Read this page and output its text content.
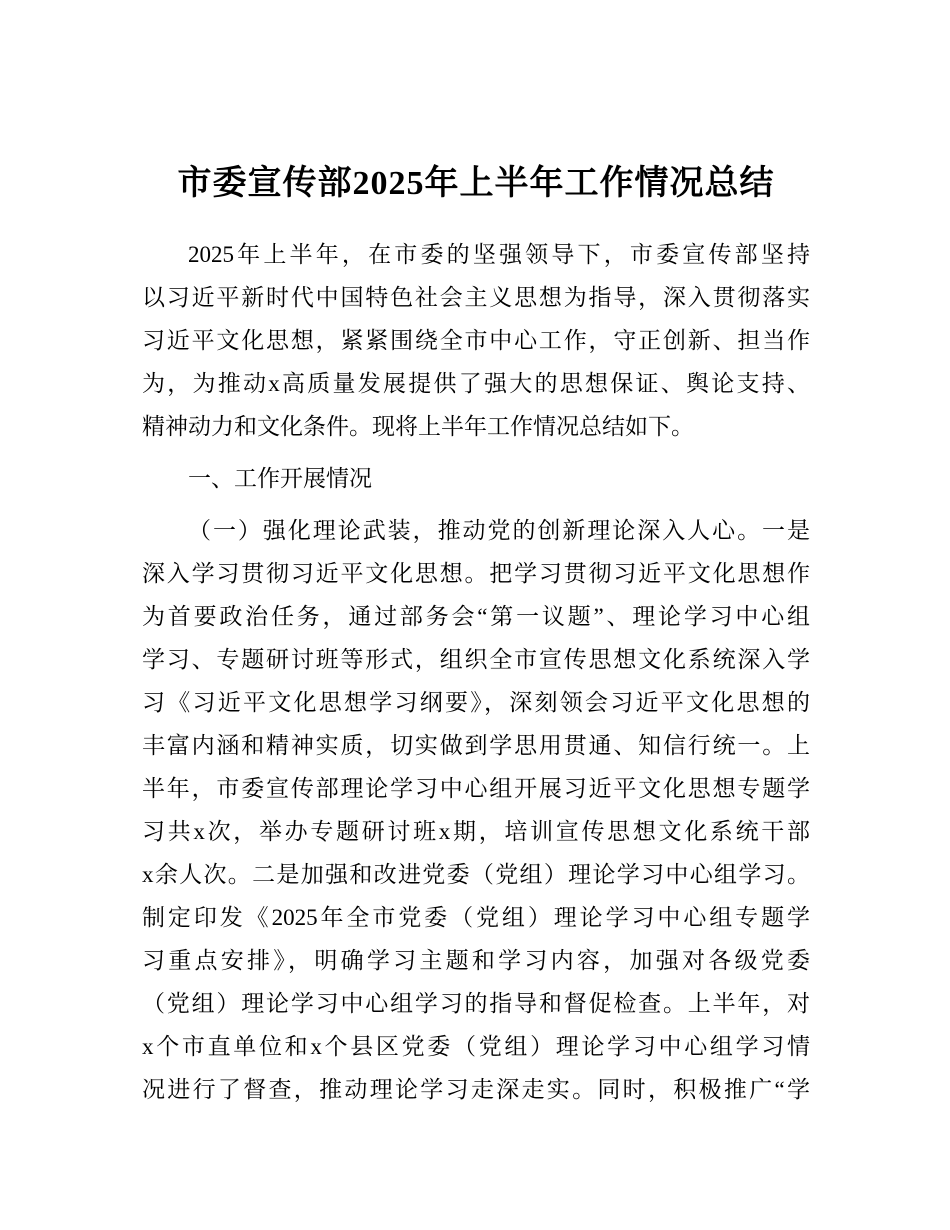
市委宣传部2025年上半年工作情况总结
2025年上半年，在市委的坚强领导下，市委宣传部坚持
以习近平新时代中国特色社会主义思想为指导，深入贯彻落实
习近平文化思想，紧紧围绕全市中心工作，守正创新、担当作
为，为推动x高质量发展提供了强大的思想保证、舆论支持、
精神动力和文化条件。现将上半年工作情况总结如下。
一、工作开展情况
（一）强化理论武装，推动党的创新理论深入人心。一是
深入学习贯彻习近平文化思想。把学习贯彻习近平文化思想作
为首要政治任务，通过部务会“第一议题”、理论学习中心组
学习、专题研讨班等形式，组织全市宣传思想文化系统深入学
习《习近平文化思想学习纲要》，深刻领会习近平文化思想的
丰富内涵和精神实质，切实做到学思用贯通、知信行统一。上
半年，市委宣传部理论学习中心组开展习近平文化思想专题学
习共x次，举办专题研讨班x期，培训宣传思想文化系统干部
x余人次。二是加强和改进党委（党组）理论学习中心组学习。
制定印发《2025年全市党委（党组）理论学习中心组专题学
习重点安排》，明确学习主题和学习内容，加强对各级党委
（党组）理论学习中心组学习的指导和督促检查。上半年，对
x个市直单位和x个县区党委（党组）理论学习中心组学习情
况进行了督查，推动理论学习走深走实。同时，积极推广“学
